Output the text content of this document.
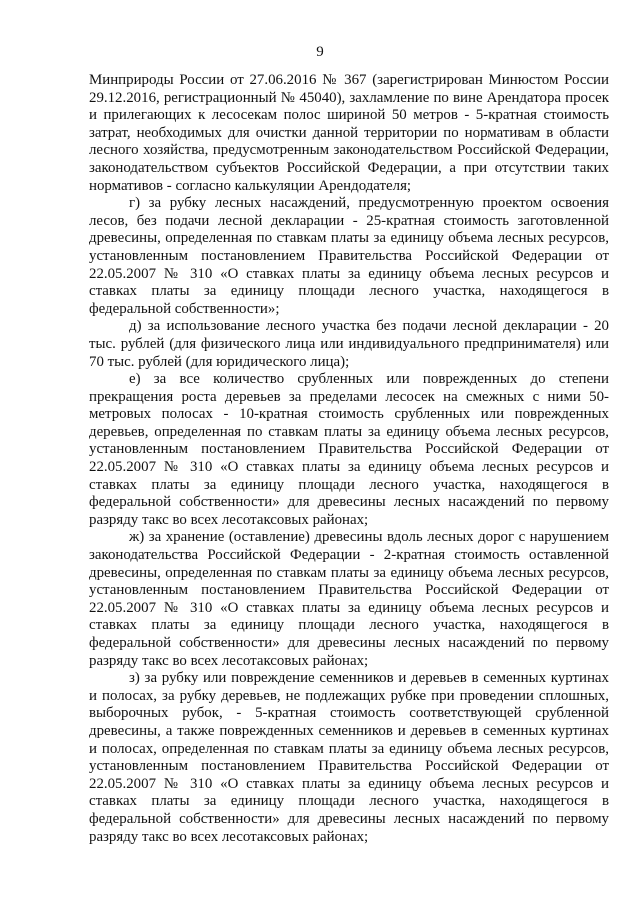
9

Минприроды России от 27.06.2016 № 367 (зарегистрирован Минюстом России 29.12.2016, регистрационный № 45040), захламление по вине Арендатора просек и прилегающих к лесосекам полос шириной 50 метров - 5-кратная стоимость затрат, необходимых для очистки данной территории по нормативам в области лесного хозяйства, предусмотренным законодательством Российской Федерации, законодательством субъектов Российской Федерации, а при отсутствии таких нормативов - согласно калькуляции Арендодателя;

г) за рубку лесных насаждений, предусмотренную проектом освоения лесов, без подачи лесной декларации - 25-кратная стоимость заготовленной древесины, определенная по ставкам платы за единицу объема лесных ресурсов, установленным постановлением Правительства Российской Федерации от 22.05.2007 № 310 «О ставках платы за единицу объема лесных ресурсов и ставках платы за единицу площади лесного участка, находящегося в федеральной собственности»;

д) за использование лесного участка без подачи лесной декларации - 20 тыс. рублей (для физического лица или индивидуального предпринимателя) или 70 тыс. рублей (для юридического лица);

е) за все количество срубленных или поврежденных до степени прекращения роста деревьев за пределами лесосек на смежных с ними 50-метровых полосах - 10-кратная стоимость срубленных или поврежденных деревьев, определенная по ставкам платы за единицу объема лесных ресурсов, установленным постановлением Правительства Российской Федерации от 22.05.2007 № 310 «О ставках платы за единицу объема лесных ресурсов и ставках платы за единицу площади лесного участка, находящегося в федеральной собственности» для древесины лесных насаждений по первому разряду такс во всех лесотаксовых районах;

ж) за хранение (оставление) древесины вдоль лесных дорог с нарушением законодательства Российской Федерации - 2-кратная стоимость оставленной древесины, определенная по ставкам платы за единицу объема лесных ресурсов, установленным постановлением Правительства Российской Федерации от 22.05.2007 № 310 «О ставках платы за единицу объема лесных ресурсов и ставках платы за единицу площади лесного участка, находящегося в федеральной собственности» для древесины лесных насаждений по первому разряду такс во всех лесотаксовых районах;

з) за рубку или повреждение семенников и деревьев в семенных куртинах и полосах, за рубку деревьев, не подлежащих рубке при проведении сплошных, выборочных рубок, - 5-кратная стоимость соответствующей срубленной древесины, а также поврежденных семенников и деревьев в семенных куртинах и полосах, определенная по ставкам платы за единицу объема лесных ресурсов, установленным постановлением Правительства Российской Федерации от 22.05.2007 № 310 «О ставках платы за единицу объема лесных ресурсов и ставках платы за единицу площади лесного участка, находящегося в федеральной собственности» для древесины лесных насаждений по первому разряду такс во всех лесотаксовых районах;
